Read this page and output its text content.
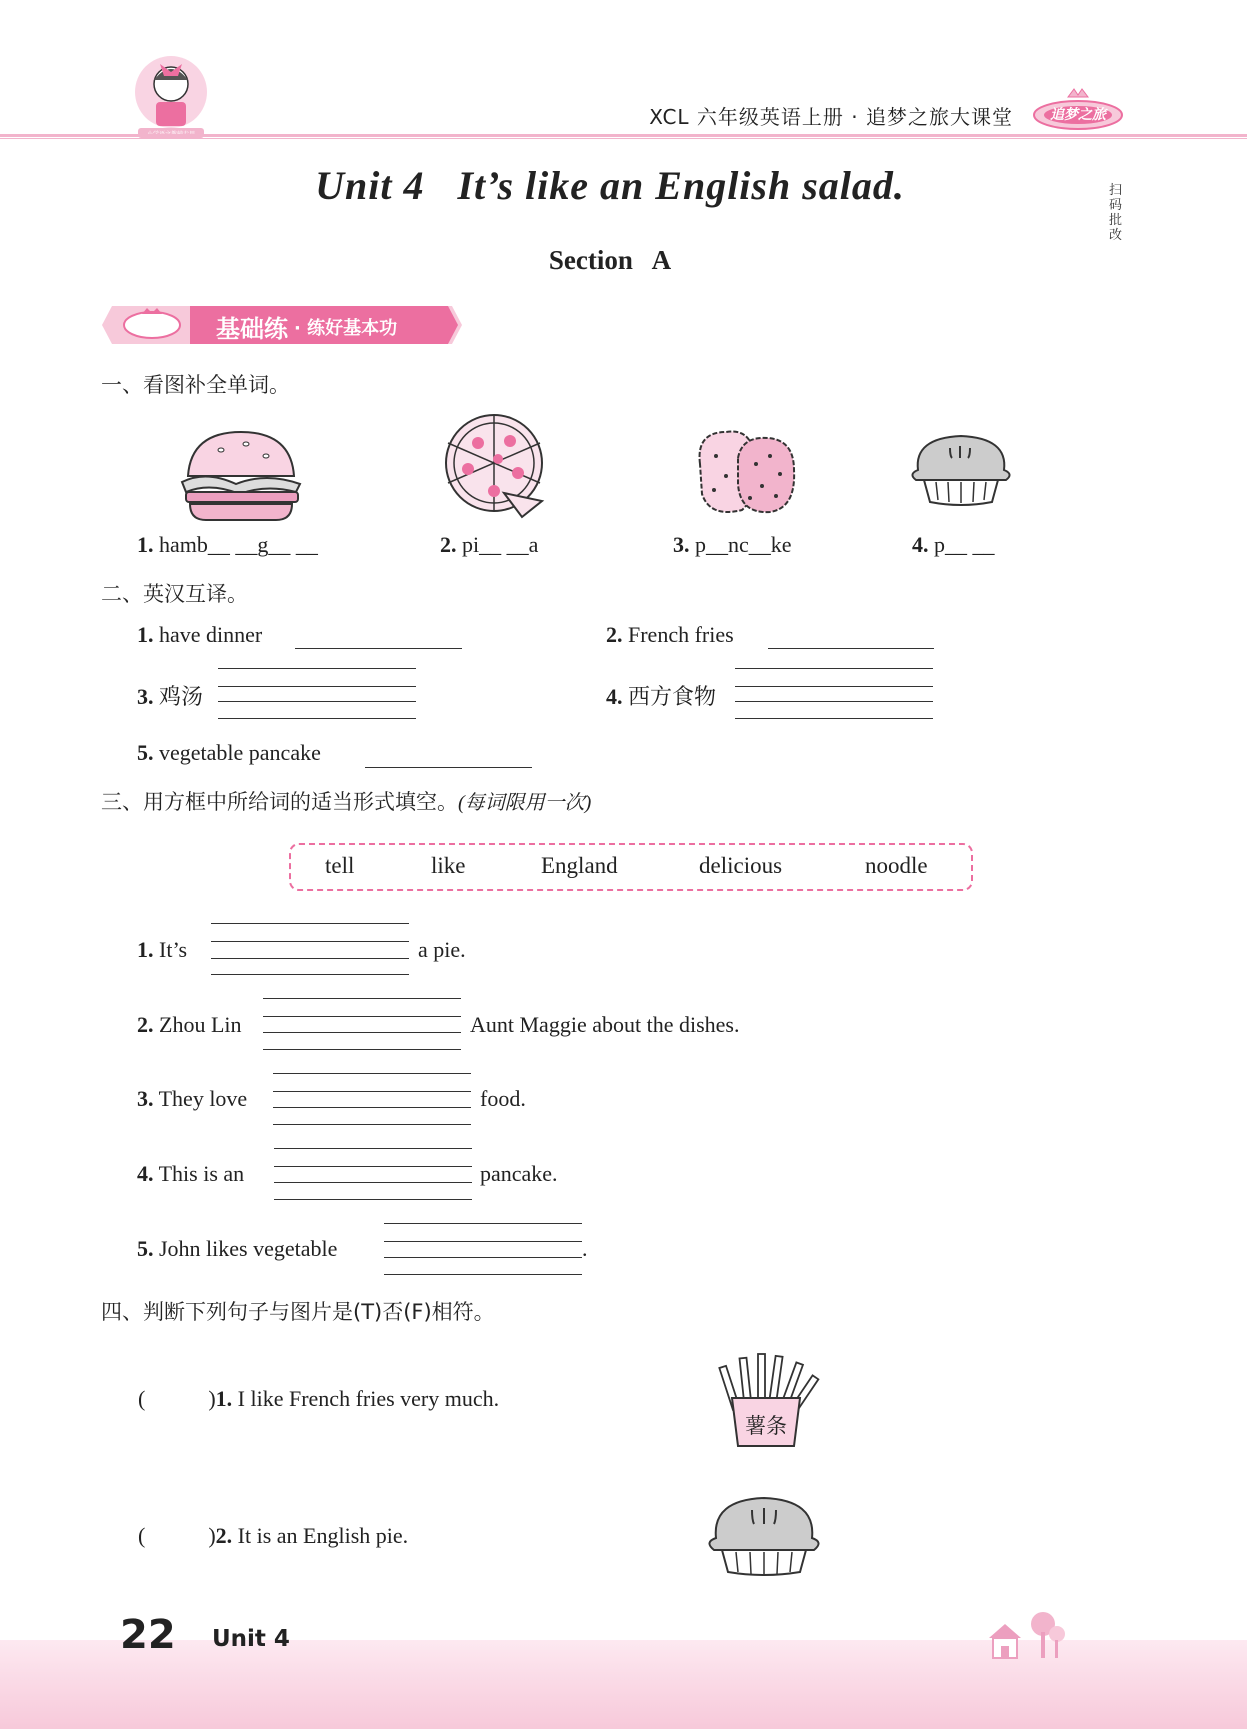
XCL 六年级英语上册 · 追梦之旅大课堂	追梦之旅
扫码批改
Unit 4   It’s like an English salad.
Section   A
基础练 · 练好基本功
一、看图补全单词。
1. hamb__ __g__ __	2. pi__ __a	3. p__nc__ke	4. p__ __
二、英汉互译。
1. have dinner	2. French fries
3. 鸡汤	4. 西方食物
5. vegetable pancake
三、用方框中所给词的适当形式填空。(每词限用一次)
tell	like	England	delicious	noodle
1. It’s	a pie.
2. Zhou Lin	Aunt Maggie about the dishes.
3. They love	food.
4. This is an	pancake.
5. John likes vegetable	.
四、判断下列句子与图片是(T)否(F)相符。
(	)1. I like French fries very much.
薯条
(	)2. It is an English pie.
22 Unit 4
